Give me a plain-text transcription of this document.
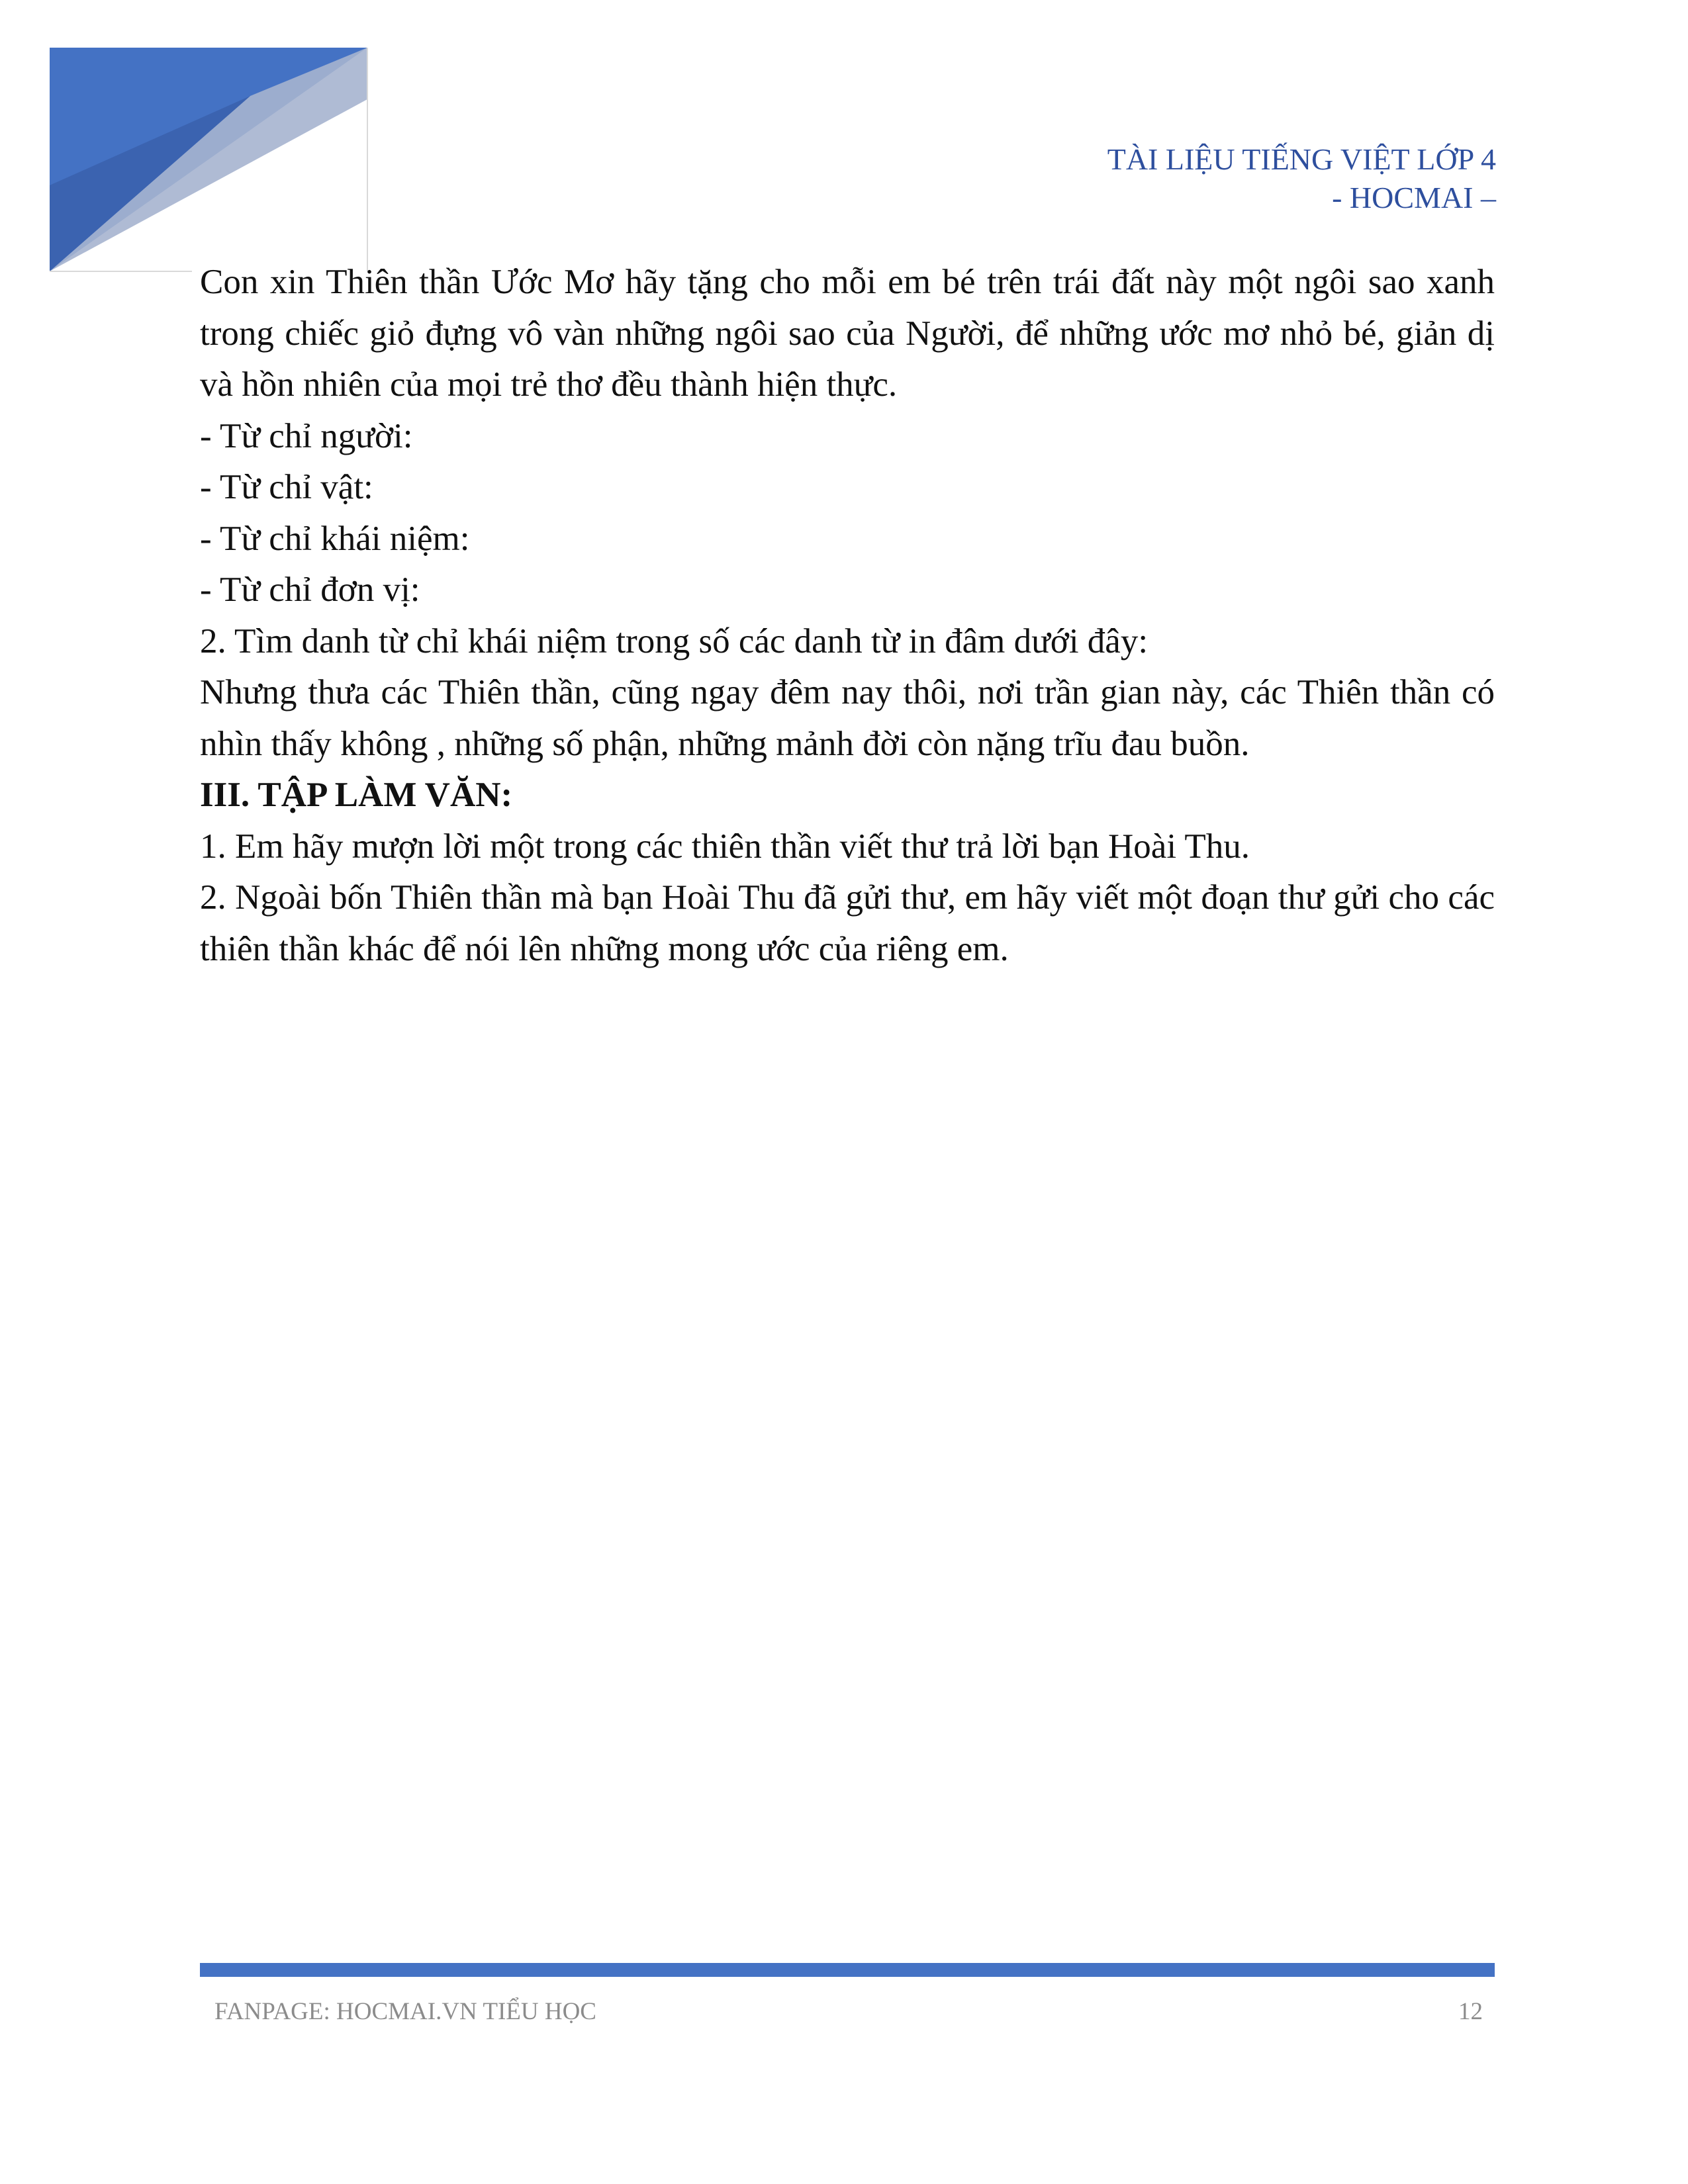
TÀI LIỆU TIẾNG VIỆT LỚP 4
- HOCMAI –

Con xin Thiên thần Ước Mơ hãy tặng cho mỗi em bé trên trái đất này một ngôi sao xanh trong chiếc giỏ đựng vô vàn những ngôi sao của Người, để những ước mơ nhỏ bé, giản dị và hồn nhiên của mọi trẻ thơ đều thành hiện thực.

- Từ chỉ người:

- Từ chỉ vật:

- Từ chỉ khái niệm:

- Từ chỉ đơn vị:

2. Tìm danh từ chỉ khái niệm trong số các danh từ in đâm dưới đây:

Nhưng thưa các Thiên thần, cũng ngay đêm nay thôi, nơi trần gian này, các Thiên thần có nhìn thấy không , những số phận, những mảnh đời còn nặng trĩu đau buồn.

III. TẬP LÀM VĂN:

1. Em hãy mượn lời một trong các thiên thần viết thư trả lời bạn Hoài Thu.

2. Ngoài bốn Thiên thần mà bạn Hoài Thu đã gửi thư, em hãy viết một đoạn thư gửi cho các thiên thần khác để nói lên những mong ước của riêng em.

FANPAGE: HOCMAI.VN TIỂU HỌC	12
